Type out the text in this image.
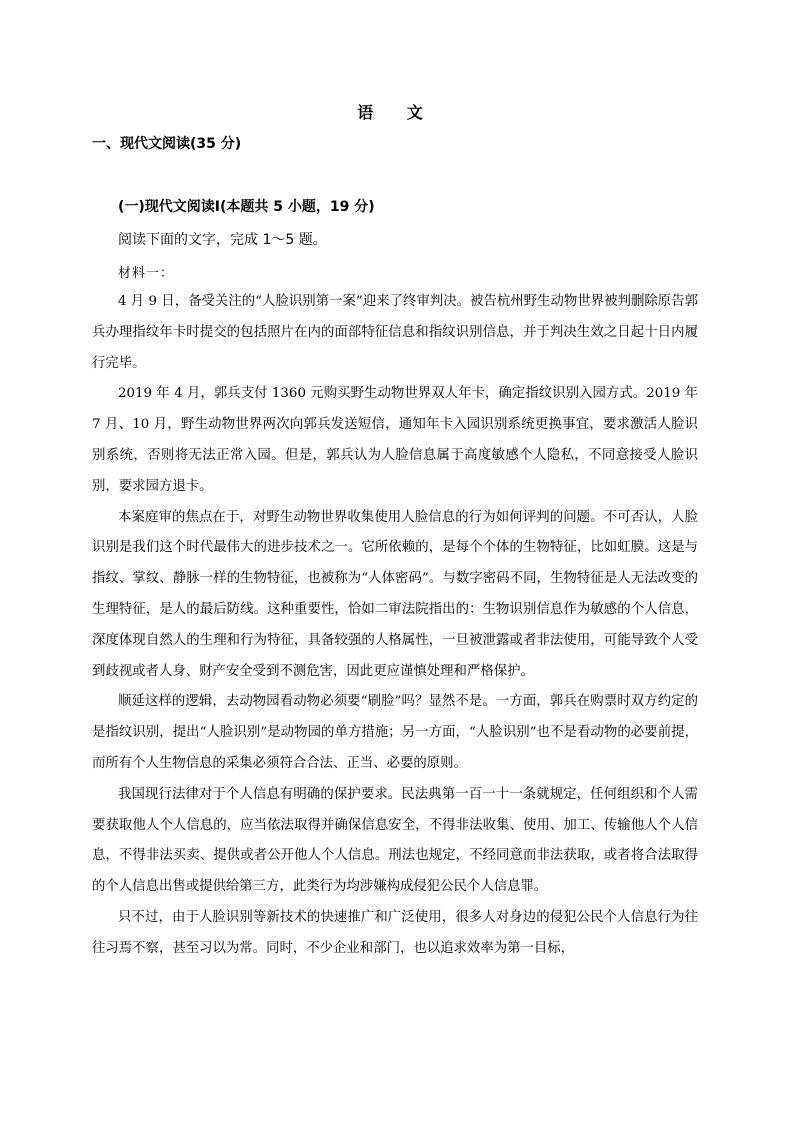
语 文
一、现代文阅读(35 分)
(一)现代文阅读Ⅰ(本题共 5 小题，19 分)
阅读下面的文字，完成 1～5 题。
材料一：

4 月 9 日，备受关注的“人脸识别第一案”迎来了终审判决。被告杭州野生动物世界被判删除原告郭兵办理指纹年卡时提交的包括照片在内的面部特征信息和指纹识别信息，并于判决生效之日起十日内履行完毕。

2019 年 4 月，郭兵支付 1360 元购买野生动物世界双人年卡，确定指纹识别入园方式。2019 年 7 月、10 月，野生动物世界两次向郭兵发送短信，通知年卡入园识别系统更换事宜，要求激活人脸识别系统，否则将无法正常入园。但是，郭兵认为人脸信息属于高度敏感个人隐私，不同意接受人脸识别，要求园方退卡。

本案庭审的焦点在于，对野生动物世界收集使用人脸信息的行为如何评判的问题。不可否认，人脸识别是我们这个时代最伟大的进步技术之一。它所依赖的，是每个个体的生物特征，比如虹膜。这是与指纹、掌纹、静脉一样的生物特征，也被称为“人体密码”。与数字密码不同，生物特征是人无法改变的生理特征，是人的最后防线。这种重要性，恰如二审法院指出的：生物识别信息作为敏感的个人信息，深度体现自然人的生理和行为特征，具备较强的人格属性，一旦被泄露或者非法使用，可能导致个人受到歧视或者人身、财产安全受到不测危害，因此更应谨慎处理和严格保护。

顺延这样的逻辑，去动物园看动物必须要“刷脸”吗？显然不是。一方面，郭兵在购票时双方约定的是指纹识别，提出“人脸识别”是动物园的单方措施；另一方面，“人脸识别”也不是看动物的必要前提，而所有个人生物信息的采集必须符合合法、正当、必要的原则。

我国现行法律对于个人信息有明确的保护要求。民法典第一百一十一条就规定，任何组织和个人需要获取他人个人信息的，应当依法取得并确保信息安全，不得非法收集、使用、加工、传输他人个人信息，不得非法买卖、提供或者公开他人个人信息。刑法也规定，不经同意而非法获取，或者将合法取得的个人信息出售或提供给第三方，此类行为均涉嫌构成侵犯公民个人信息罪。

只不过，由于人脸识别等新技术的快速推广和广泛使用，很多人对身边的侵犯公民个人信息行为往往习焉不察，甚至习以为常。同时，不少企业和部门，也以追求效率为第一目标，
